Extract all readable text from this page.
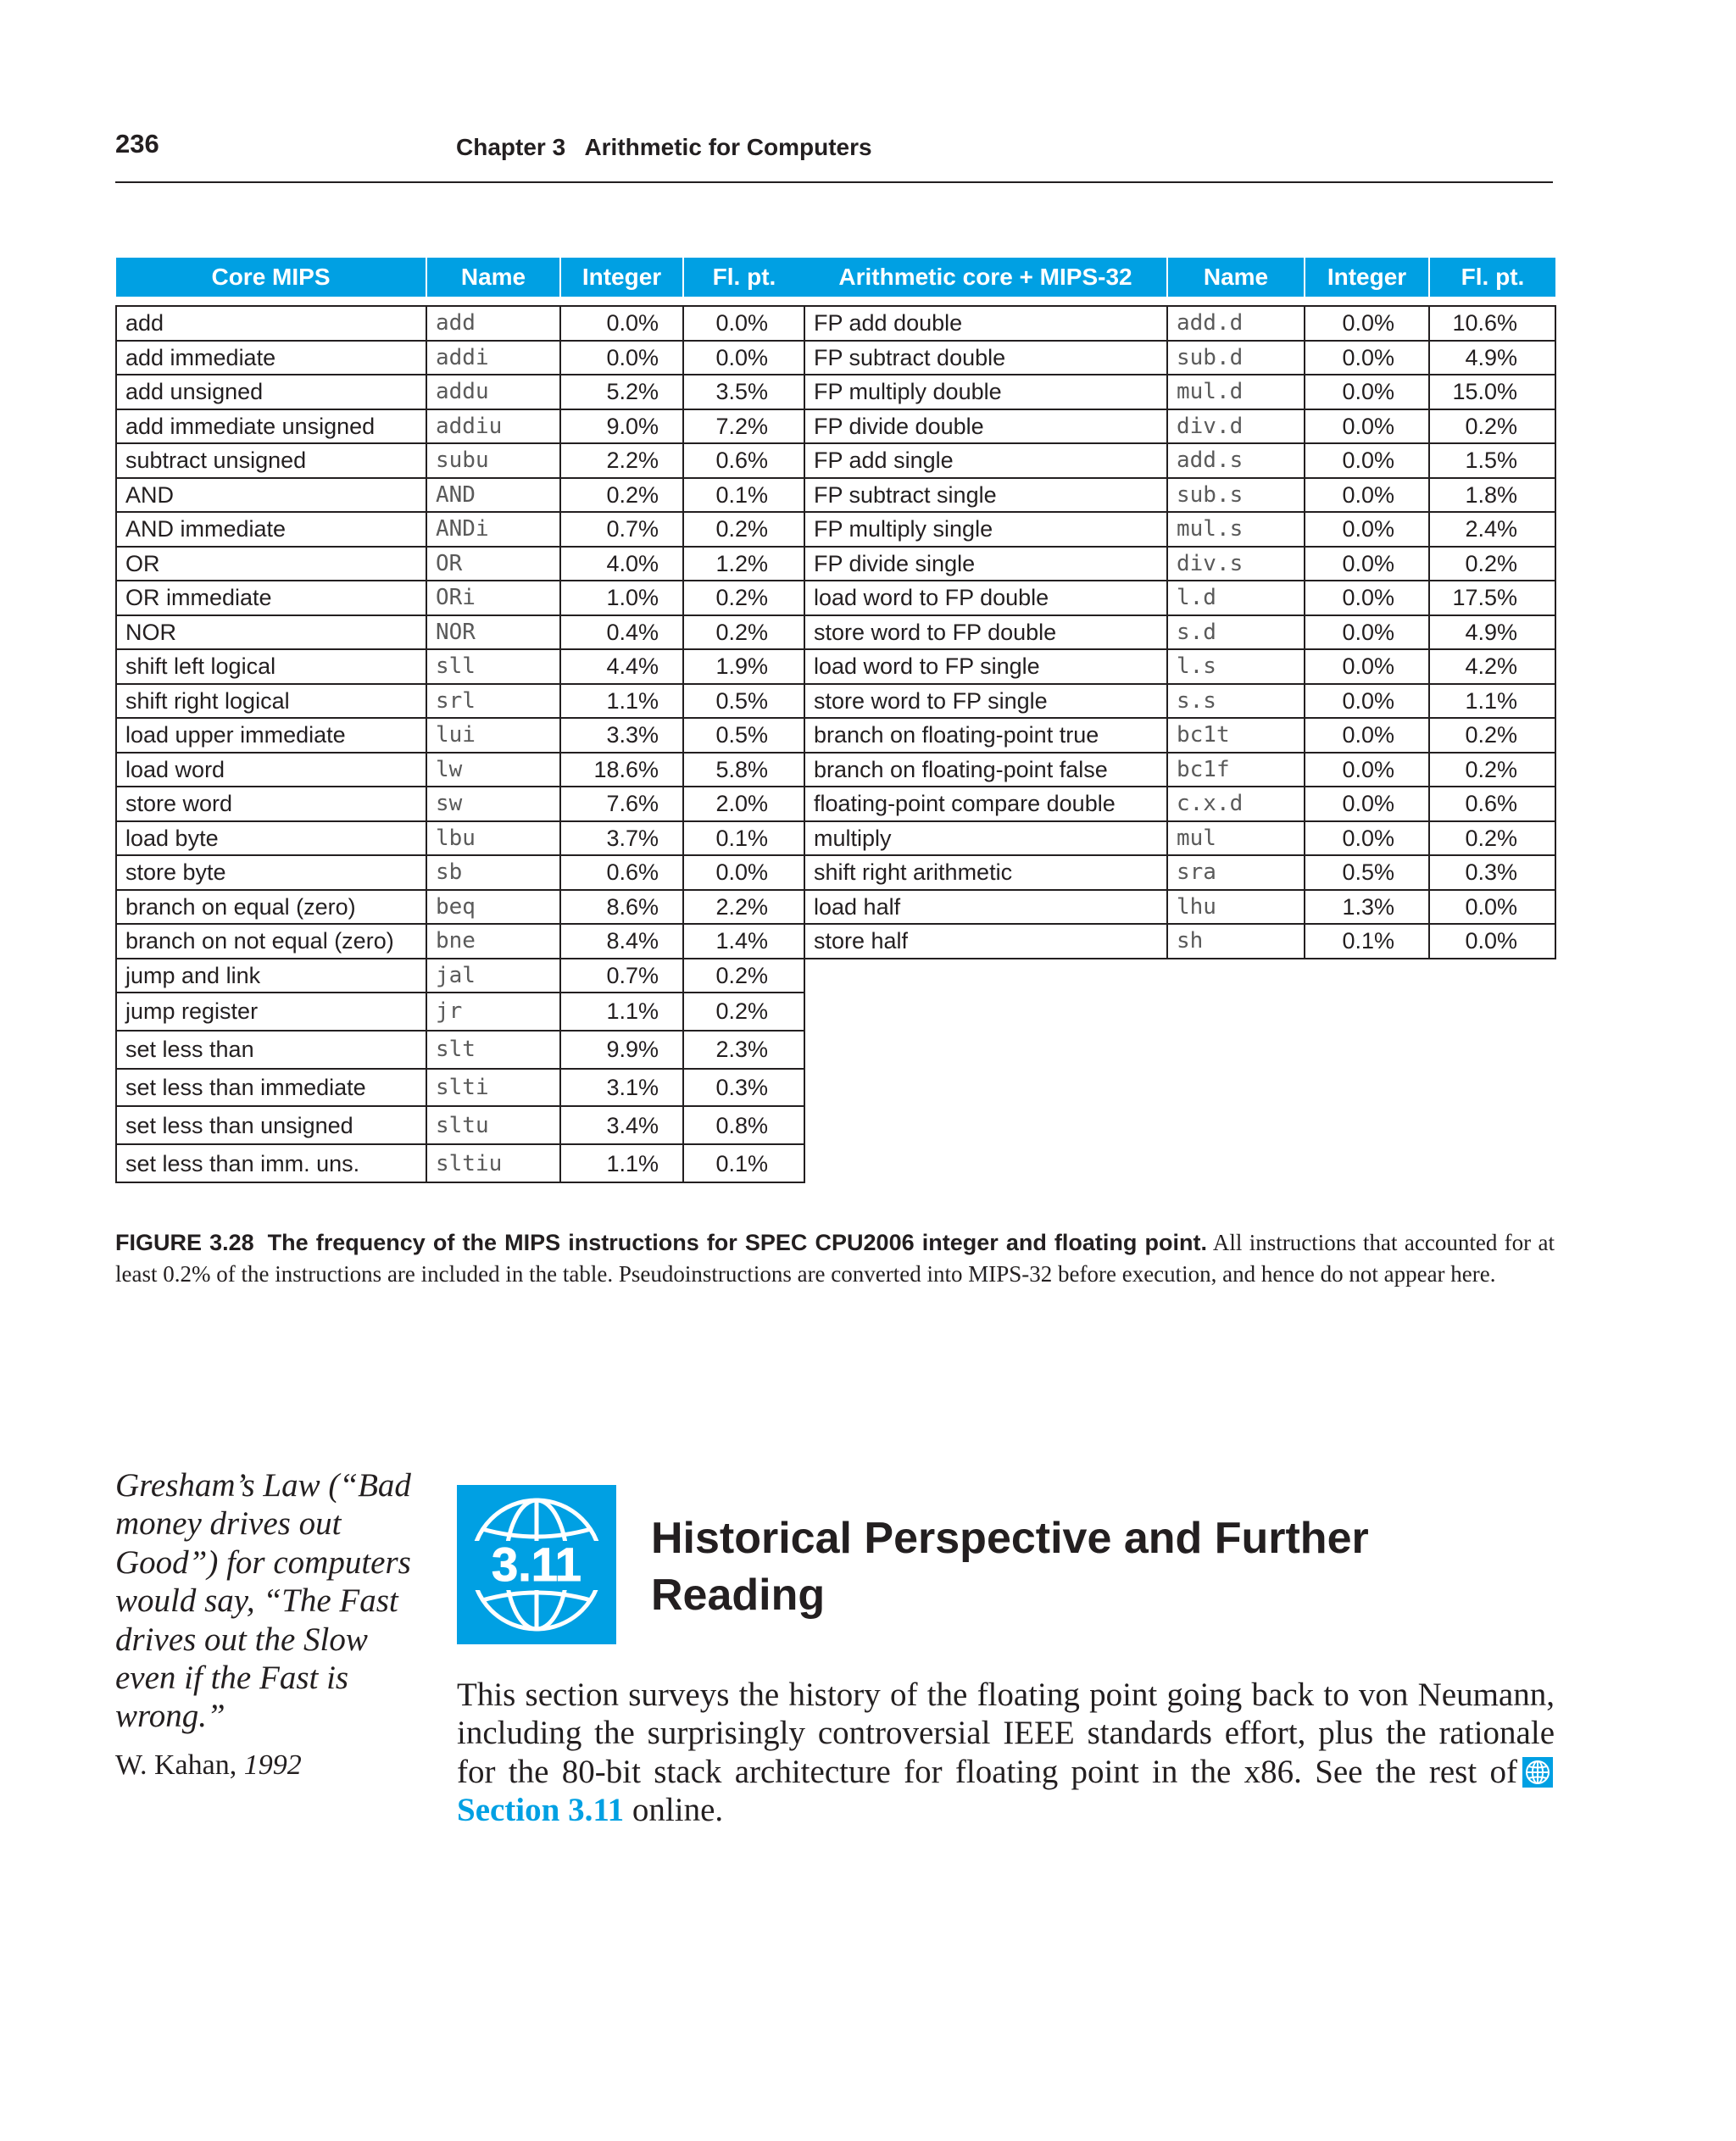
236	Chapter 3   Arithmetic for Computers
Core MIPS	Name	Integer	Fl. pt.

add	add	0.0%	0.0%
add immediate	addi	0.0%	0.0%
add unsigned	addu	5.2%	3.5%
add immediate unsigned	addiu	9.0%	7.2%
subtract unsigned	subu	2.2%	0.6%
AND	AND	0.2%	0.1%
AND immediate	ANDi	0.7%	0.2%
OR	OR	4.0%	1.2%
OR immediate	ORi	1.0%	0.2%
NOR	NOR	0.4%	0.2%
shift left logical	sll	4.4%	1.9%
shift right logical	srl	1.1%	0.5%
load upper immediate	lui	3.3%	0.5%
load word	lw	18.6%	5.8%
store word	sw	7.6%	2.0%
load byte	lbu	3.7%	0.1%
store byte	sb	0.6%	0.0%
branch on equal (zero)	beq	8.6%	2.2%
branch on not equal (zero)	bne	8.4%	1.4%
jump and link	jal	0.7%	0.2%
jump register	jr	1.1%	0.2%
set less than	slt	9.9%	2.3%
set less than immediate	slti	3.1%	0.3%
set less than unsigned	sltu	3.4%	0.8%
set less than imm. uns.	sltiu	1.1%	0.1%
Arithmetic core + MIPS-32	Name	Integer	Fl. pt.

FP add double	add.d	0.0%	10.6%
FP subtract double	sub.d	0.0%	4.9%
FP multiply double	mul.d	0.0%	15.0%
FP divide double	div.d	0.0%	0.2%
FP add single	add.s	0.0%	1.5%
FP subtract single	sub.s	0.0%	1.8%
FP multiply single	mul.s	0.0%	2.4%
FP divide single	div.s	0.0%	0.2%
load word to FP double	l.d	0.0%	17.5%
store word to FP double	s.d	0.0%	4.9%
load word to FP single	l.s	0.0%	4.2%
store word to FP single	s.s	0.0%	1.1%
branch on floating-point true	bc1t	0.0%	0.2%
branch on floating-point false	bc1f	0.0%	0.2%
floating-point compare double	c.x.d	0.0%	0.6%
multiply	mul	0.0%	0.2%
shift right arithmetic	sra	0.5%	0.3%
load half	lhu	1.3%	0.0%
store half	sh	0.1%	0.0%
FIGURE 3.28 The frequency of the MIPS instructions for SPEC CPU2006 integer and floating point. All instructions that accounted for at least 0.2% of the instructions are included in the table. Pseudoinstructions are converted into MIPS-32 before execution, and hence do not appear here.
Gresham’s Law (“Bad money drives out Good”) for computers would say, “The Fast drives out the Slow even if the Fast is wrong.”
W. Kahan, 1992
3.11 Historical Perspective and Further Reading
This section surveys the history of the floating point going back to von Neumann, including the surprisingly controversial IEEE standards effort, plus the rationale for the 80-bit stack architecture for floating point in the x86. See the rest of Section 3.11 online.
